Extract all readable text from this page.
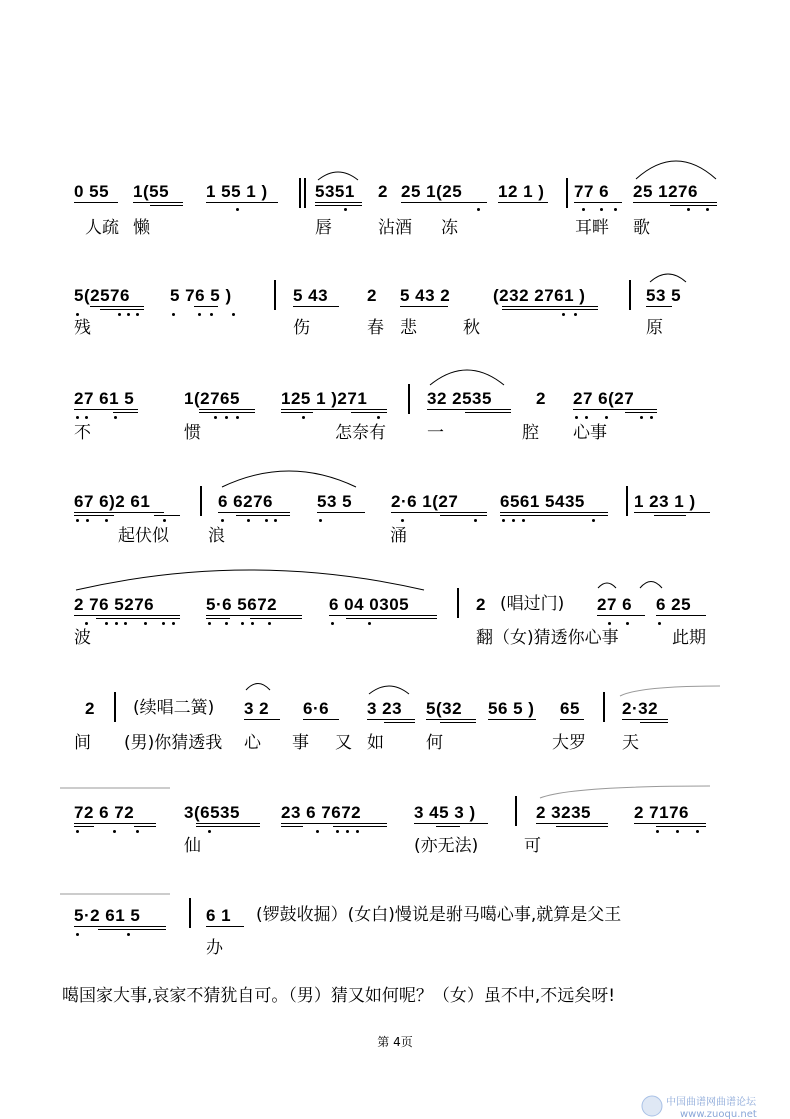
0 55 1(55 1 55 1 )	5351 2 25 1(25 12 1 ) 77 6 25 1276
人疏 懒	唇	沾酒 冻	耳畔 歌
5(2576 5 76 5 )	5 43 2 5 43 2	(232 2761 )	53 5
残	伤	春 悲	秋	原
27 61 5	1(2765 125 1 )271	32 2535	2 27 6(27
不	惯	怎奈有 一	腔 心事
67 6)2 61	6 6276	53 5 2·6 1(27 6561 5435	1 23 1 )
起伏似 浪	涌
2 76 5276	5·6 5672	6 04 0305	2 (唱过门) 27 6 6 25
波	翻（女)猜透你心事	此期
2 (续唱二簧) 3 2 6·6 3 23 5(32 56 5 ) 65 2·32
间 (男)你猜透我 心 事 又 如 何	大罗 天
72 6 72	3(6535 23 6 7672	3 45 3 )	2 3235	2 7176
仙	(亦无法)	可
5·2 61 5	6 1 (锣鼓收掘）(女白)慢说是驸马噶心事,就算是父王
办
噶国家大事,哀家不猜犹自可。（男）猜又如何呢？（女）虽不中,不远矣呀!
第 4页
中国曲谱网曲谱论坛
www.zuoqu.net
